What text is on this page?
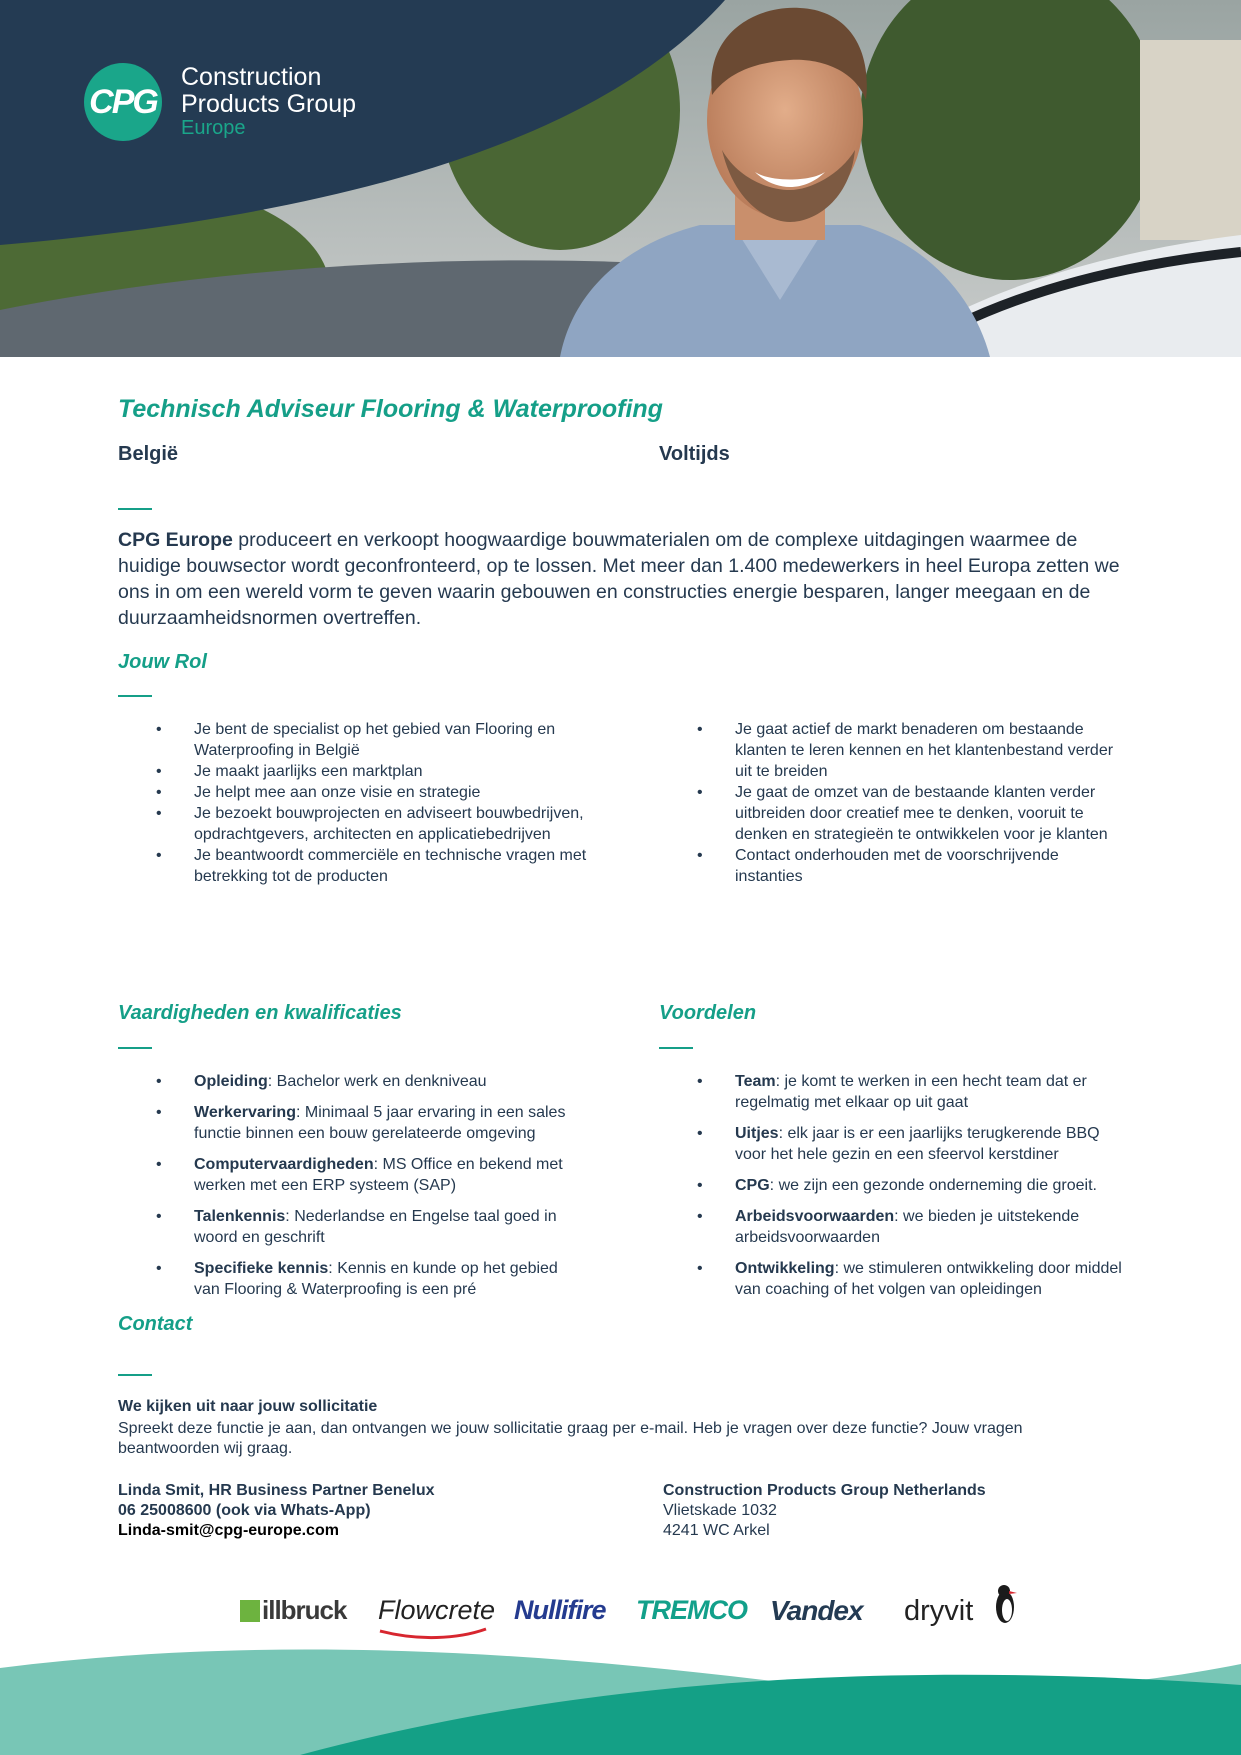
CPG
Construction
Products Group
Europe
Technisch Adviseur Flooring & Waterproofing
België	Voltijds
CPG Europe produceert en verkoopt hoogwaardige bouwmaterialen om de complexe uitdagingen waarmee de huidige bouwsector wordt geconfronteerd, op te lossen. Met meer dan 1.400 medewerkers in heel Europa zetten we ons in om een wereld vorm te geven waarin gebouwen en constructies energie besparen, langer meegaan en de duurzaamheidsnormen overtreffen.
Jouw Rol
• Je bent de specialist op het gebied van Flooring en Waterproofing in België
• Je maakt jaarlijks een marktplan
• Je helpt mee aan onze visie en strategie
• Je bezoekt bouwprojecten en adviseert bouwbedrijven, opdrachtgevers, architecten en applicatiebedrijven
• Je beantwoordt commerciële en technische vragen met betrekking tot de producten
• Je gaat actief de markt benaderen om bestaande klanten te leren kennen en het klantenbestand verder uit te breiden
• Je gaat de omzet van de bestaande klanten verder uitbreiden door creatief mee te denken, vooruit te denken en strategieën te ontwikkelen voor je klanten
• Contact onderhouden met de voorschrijvende instanties
Vaardigheden en kwalificaties	Voordelen
• Opleiding: Bachelor werk en denkniveau
• Werkervaring: Minimaal 5 jaar ervaring in een sales functie binnen een bouw gerelateerde omgeving
• Computervaardigheden: MS Office en bekend met werken met een ERP systeem (SAP)
• Talenkennis: Nederlandse en Engelse taal goed in woord en geschrift
• Specifieke kennis: Kennis en kunde op het gebied van Flooring & Waterproofing is een pré
• Team: je komt te werken in een hecht team dat er regelmatig met elkaar op uit gaat
• Uitjes: elk jaar is er een jaarlijks terugkerende BBQ voor het hele gezin en een sfeervol kerstdiner
• CPG: we zijn een gezonde onderneming die groeit.
• Arbeidsvoorwaarden: we bieden je uitstekende arbeidsvoorwaarden
• Ontwikkeling: we stimuleren ontwikkeling door middel van coaching of het volgen van opleidingen
Contact
We kijken uit naar jouw sollicitatie
Spreekt deze functie je aan, dan ontvangen we jouw sollicitatie graag per e-mail. Heb je vragen over deze functie? Jouw vragen beantwoorden wij graag.
Linda Smit, HR Business Partner Benelux
06 25008600 (ook via Whats-App)
Linda-smit@cpg-europe.com
Construction Products Group Netherlands
Vlietskade 1032
4241 WC Arkel
illbruck Flowcrete Nullifire TREMCO Vandex dryvit
